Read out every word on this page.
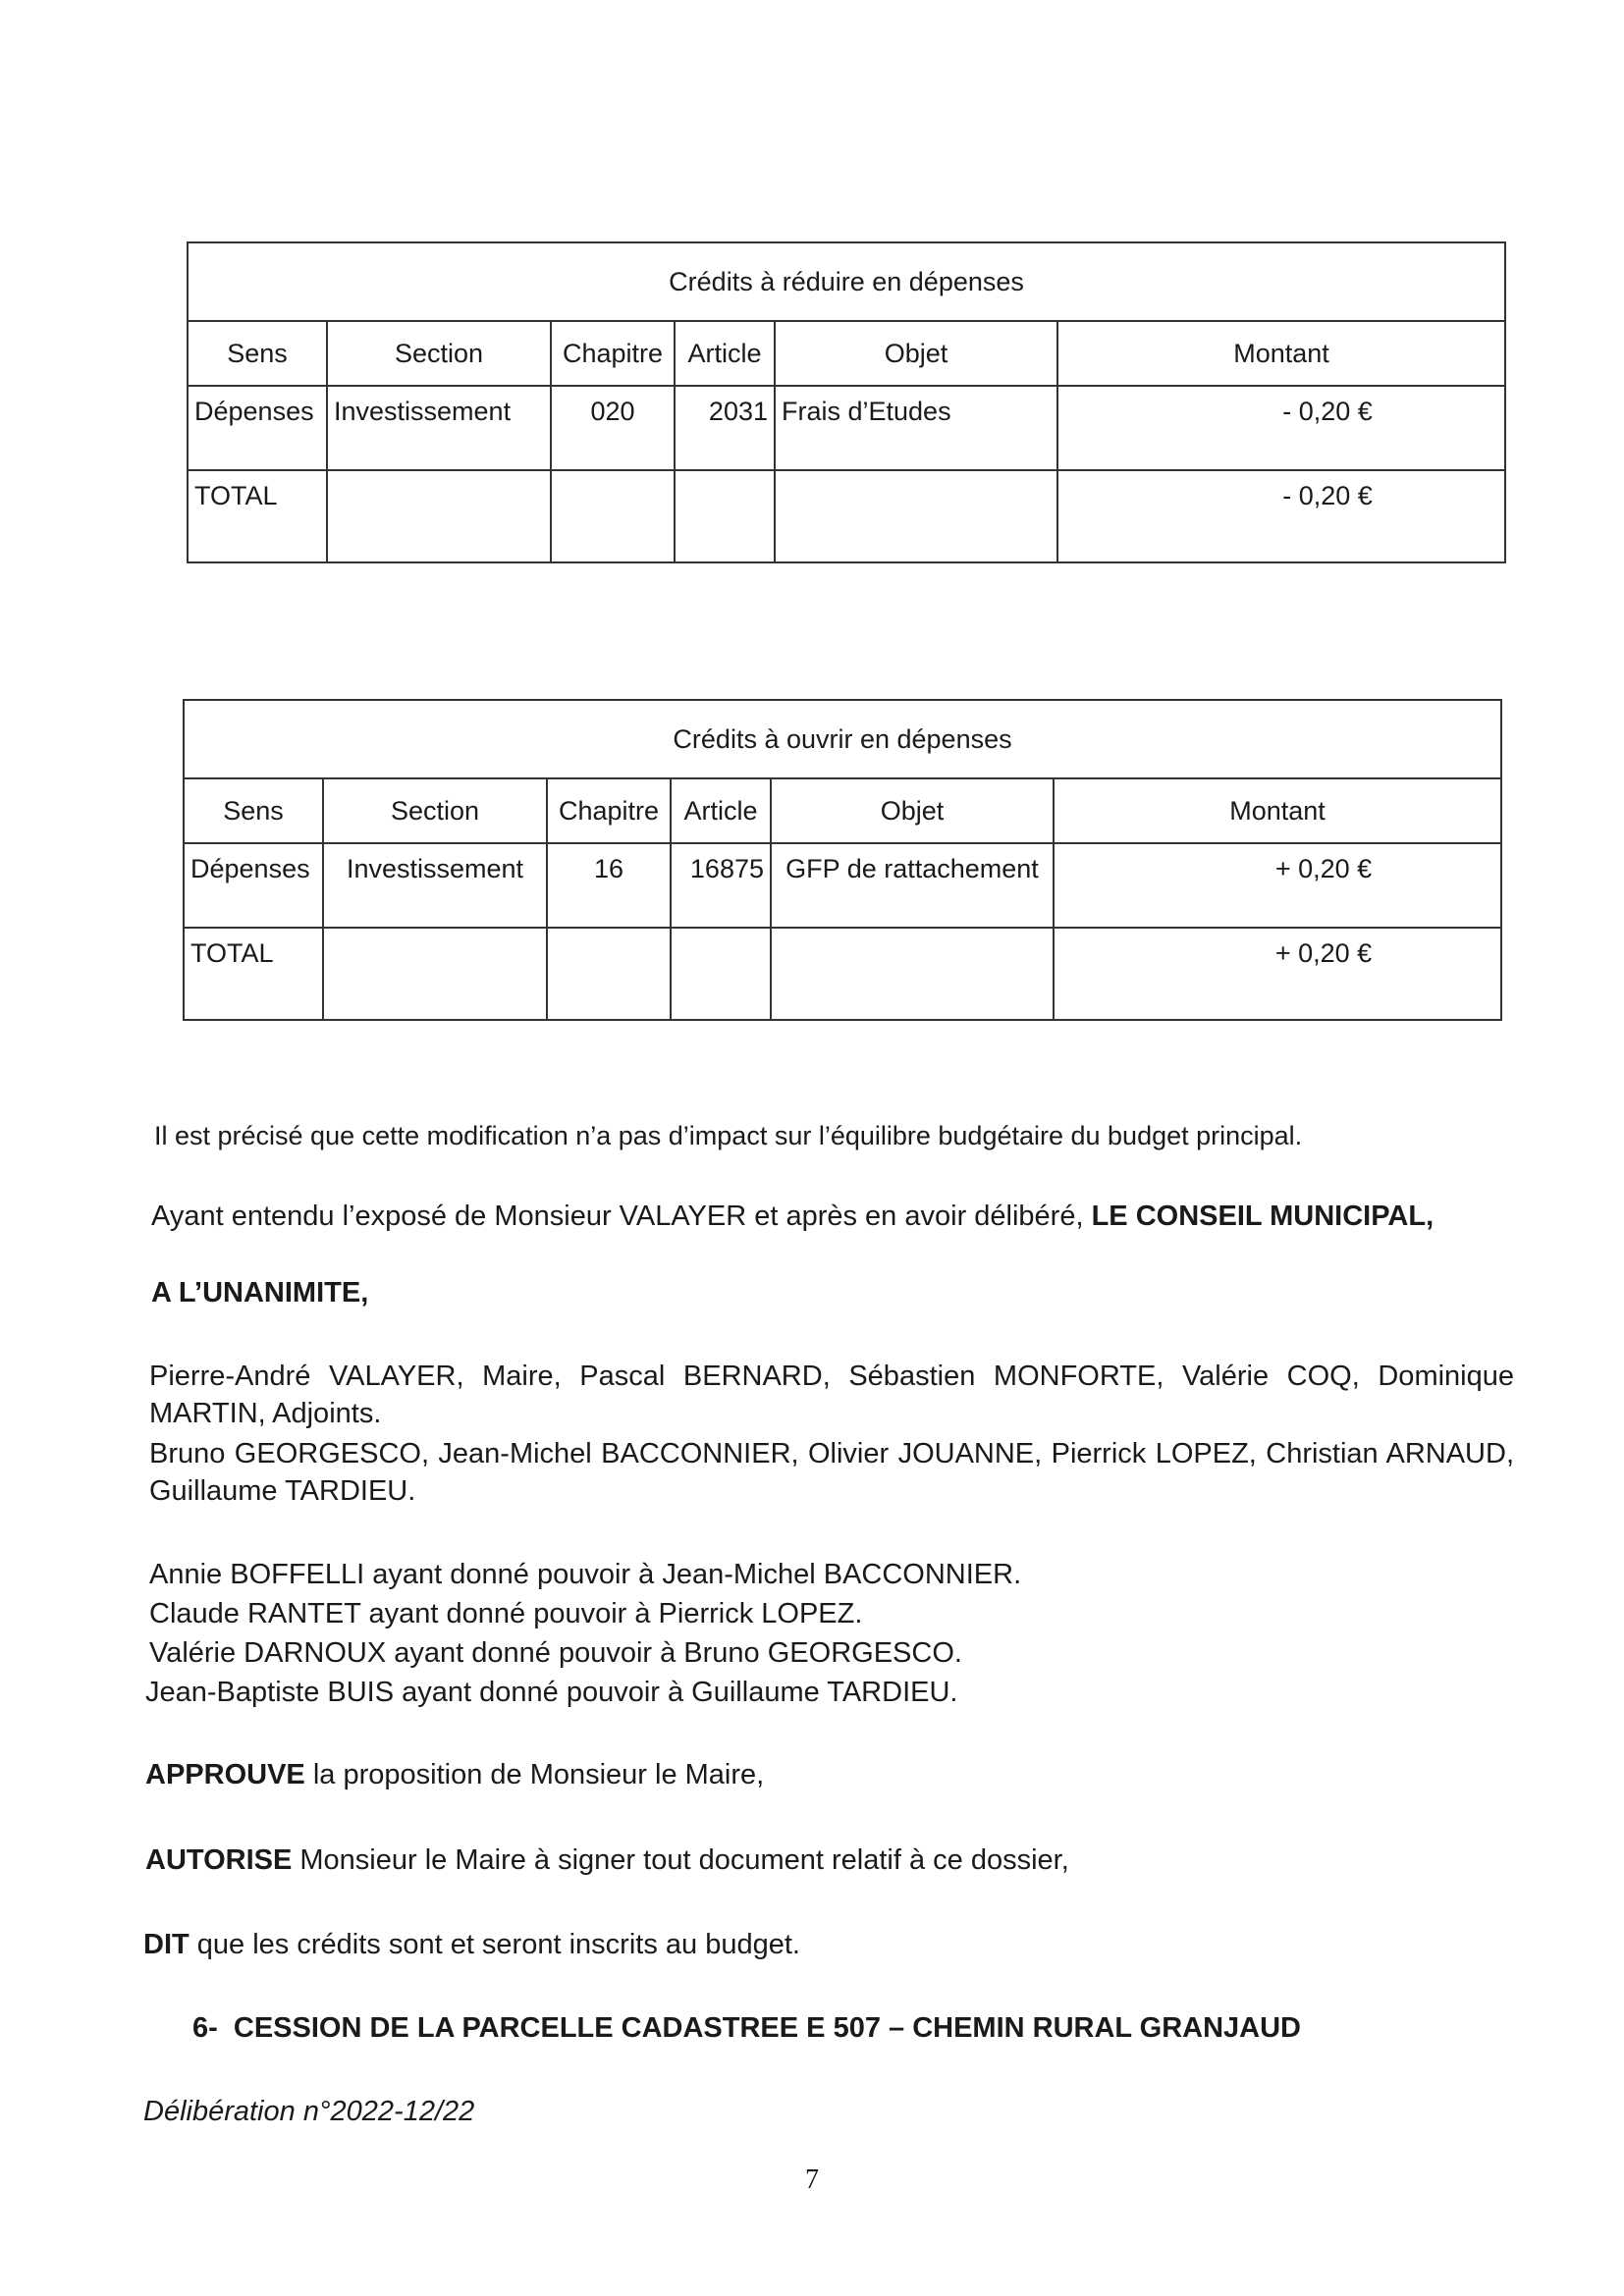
Crédits à réduire en dépenses					
Sens	Section	Chapitre	Article	Objet	Montant
Dépenses	Investissement	020	2031	Frais d’Etudes	- 0,20 €
TOTAL					- 0,20 €
Crédits à ouvrir en dépenses					
Sens	Section	Chapitre	Article	Objet	Montant
Dépenses	Investissement	16	16875	GFP de rattachement	+ 0,20 €
TOTAL					+ 0,20 €

Il est précisé que cette modification n’a pas d’impact sur l’équilibre budgétaire du budget principal.

Ayant entendu l’exposé de Monsieur VALAYER et après en avoir délibéré, LE CONSEIL MUNICIPAL,

A L’UNANIMITE,

Pierre-André VALAYER, Maire, Pascal BERNARD, Sébastien MONFORTE, Valérie COQ, Dominique

MARTIN, Adjoints.

Bruno GEORGESCO, Jean-Michel BACCONNIER, Olivier JOUANNE, Pierrick LOPEZ, Christian ARNAUD,

Guillaume TARDIEU.

Annie BOFFELLI ayant donné pouvoir à Jean-Michel BACCONNIER.

Claude RANTET ayant donné pouvoir à Pierrick LOPEZ.

Valérie DARNOUX ayant donné pouvoir à Bruno GEORGESCO.

Jean-Baptiste BUIS ayant donné pouvoir à Guillaume TARDIEU.

APPROUVE la proposition de Monsieur le Maire,

AUTORISE Monsieur le Maire à signer tout document relatif à ce dossier,

DIT que les crédits sont et seront inscrits au budget.

6-  CESSION DE LA PARCELLE CADASTREE E 507 – CHEMIN RURAL GRANJAUD

Délibération n°2022-12/22

7
